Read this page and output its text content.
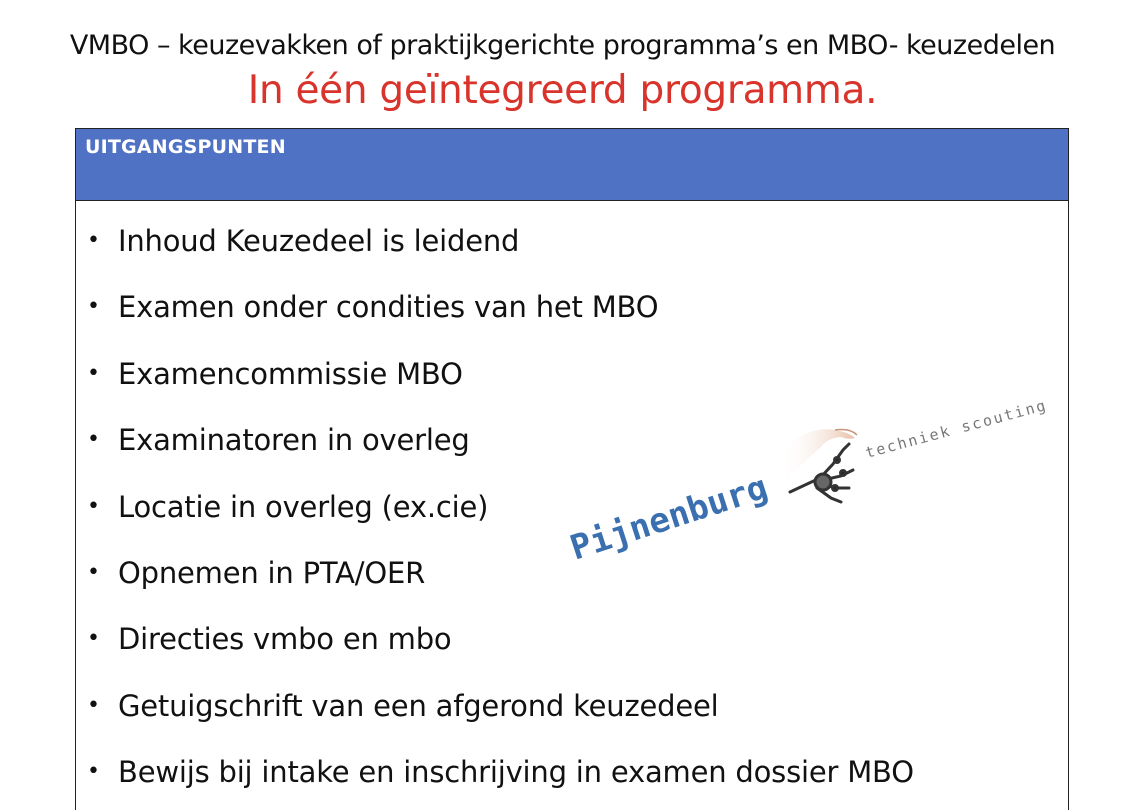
VMBO – keuzevakken of praktijkgerichte programma’s en MBO- keuzedelen
In één geïntegreerd programma.
UITGANGSPUNTEN
• Inhoud Keuzedeel is leidend
• Examen onder condities van het MBO
• Examencommissie MBO
• Examinatoren in overleg
• Locatie in overleg (ex.cie)
• Opnemen in PTA/OER
• Directies vmbo en mbo
• Getuigschrift van een afgerond keuzedeel
• Bewijs bij intake en inschrijving in examen dossier MBO
Pijnenburg
techniek scouting
